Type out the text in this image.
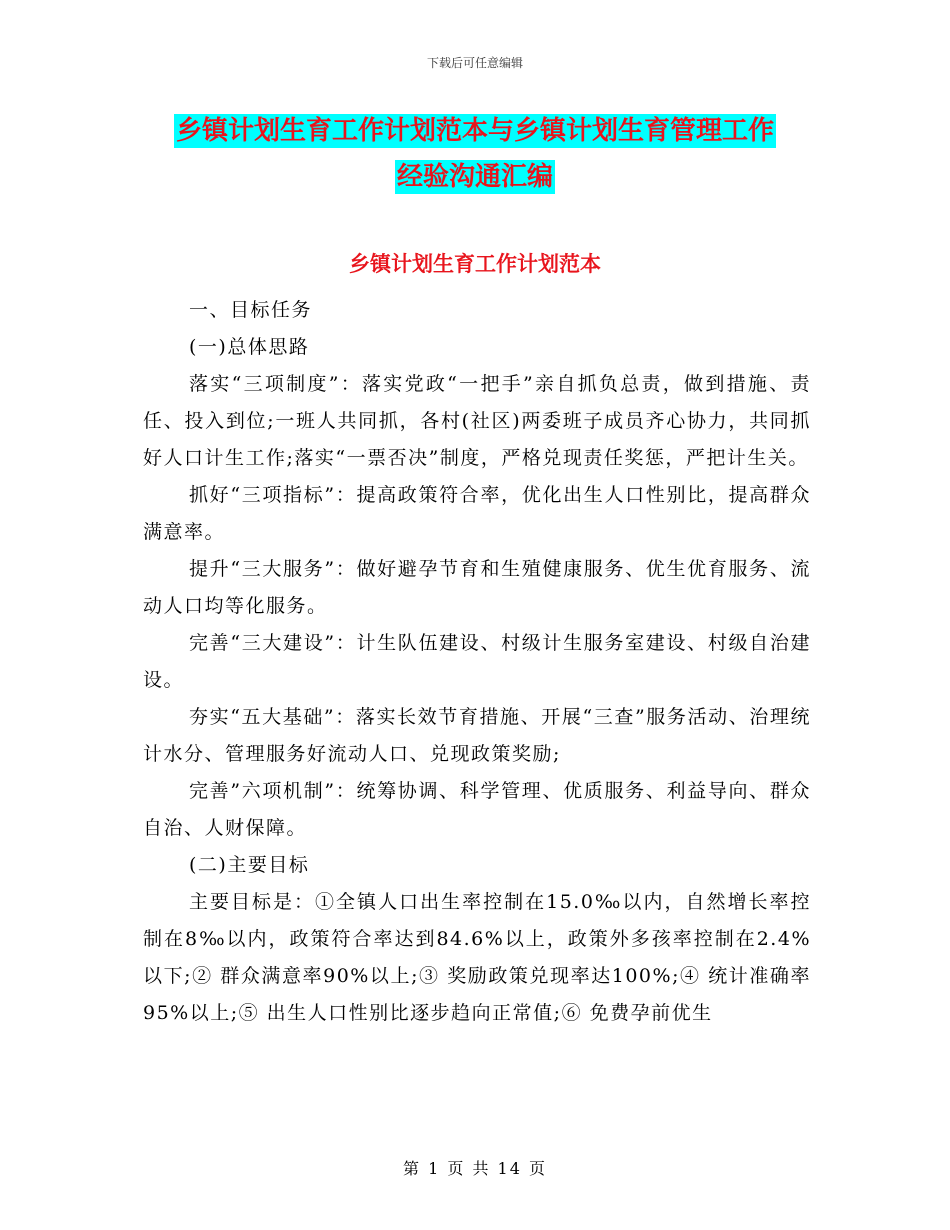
下载后可任意编辑
乡镇计划生育工作计划范本与乡镇计划生育管理工作
经验沟通汇编
乡镇计划生育工作计划范本

一、目标任务

(一)总体思路

落实“三项制度”：落实党政“一把手”亲自抓负总责，做到措施、责任、投入到位;一班人共同抓，各村(社区)两委班子成员齐心协力，共同抓好人口计生工作;落实“一票否决”制度，严格兑现责任奖惩，严把计生关。

抓好“三项指标”：提高政策符合率，优化出生人口性别比，提高群众满意率。

提升“三大服务”：做好避孕节育和生殖健康服务、优生优育服务、流动人口均等化服务。

完善“三大建设”：计生队伍建设、村级计生服务室建设、村级自治建设。

夯实“五大基础”：落实长效节育措施、开展“三查”服务活动、治理统计水分、管理服务好流动人口、兑现政策奖励;

完善”六项机制”：统筹协调、科学管理、优质服务、利益导向、群众自治、人财保障。

(二)主要目标

主要目标是：①全镇人口出生率控制在15.0‰以内，自然增长率控制在8‰以内，政策符合率达到84.6%以上，政策外多孩率控制在2.4%以下;② 群众满意率90%以上;③ 奖励政策兑现率达100%;④ 统计准确率95%以上;⑤ 出生人口性别比逐步趋向正常值;⑥ 免费孕前优生

第 1 页 共 14 页
